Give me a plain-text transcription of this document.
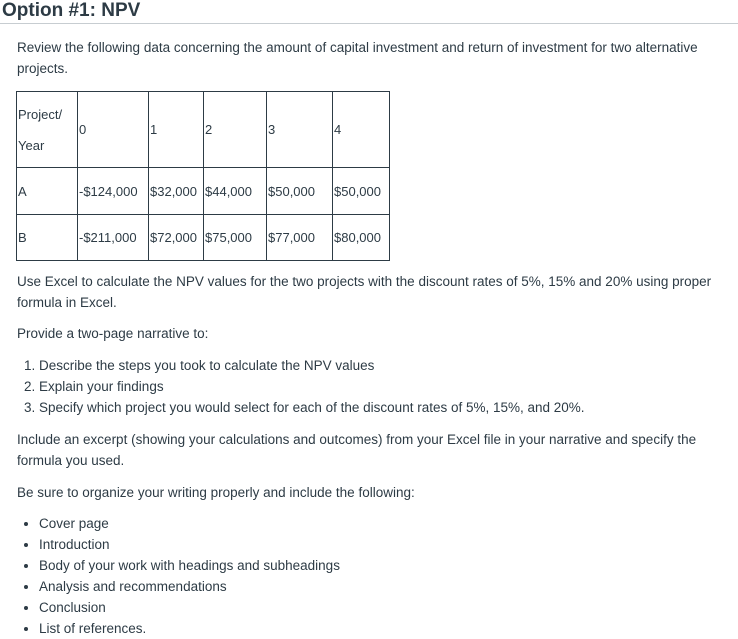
Option #1: NPV

Review the following data concerning the amount of capital investment and return of investment for two alternative projects.

Project/
Year	0	1	2	3	4
A	-$124,000	$32,000	$44,000	$50,000	$50,000
B	-$211,000	$72,000	$75,000	$77,000	$80,000

Use Excel to calculate the NPV values for the two projects with the discount rates of 5%, 15% and 20% using proper formula in Excel.

Provide a two-page narrative to:

1. Describe the steps you took to calculate the NPV values
2. Explain your findings
3. Specify which project you would select for each of the discount rates of 5%, 15%, and 20%.

Include an excerpt (showing your calculations and outcomes) from your Excel file in your narrative and specify the formula you used.

Be sure to organize your writing properly and include the following:

• Cover page
• Introduction
• Body of your work with headings and subheadings
• Analysis and recommendations
• Conclusion
• List of references.
